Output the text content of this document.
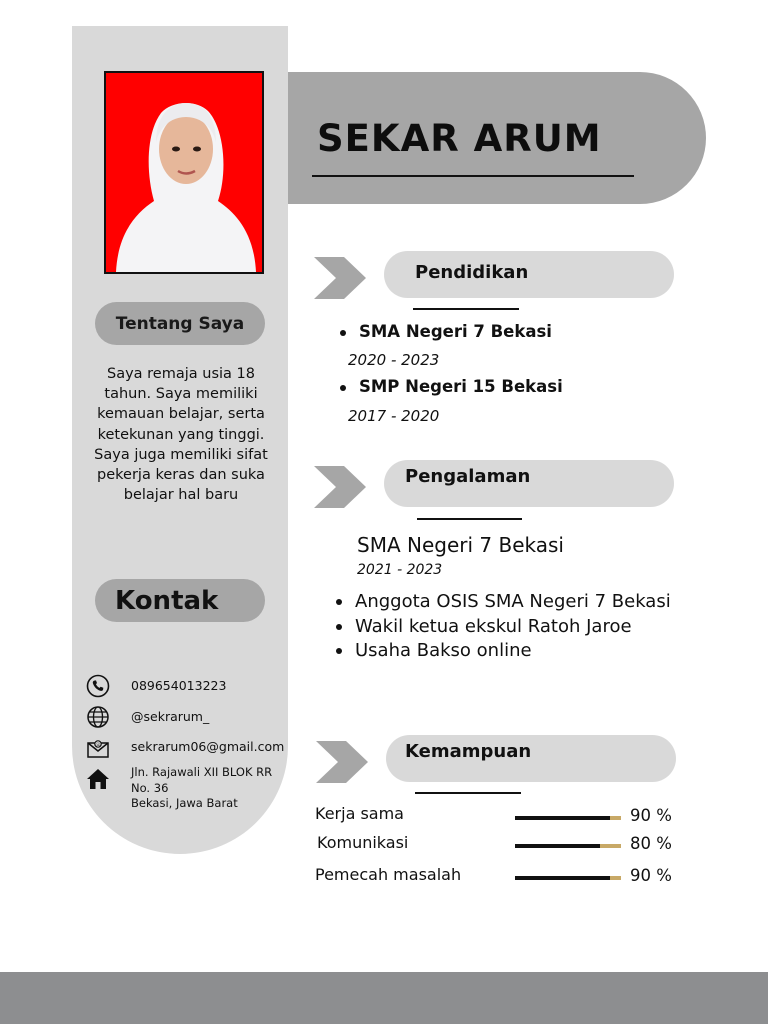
Tentang Saya
Saya remaja usia 18
tahun. Saya memiliki
kemauan belajar, serta
ketekunan yang tinggi.
Saya juga memiliki sifat
pekerja keras dan suka
belajar hal baru
Kontak
089654013223
@sekrarum_
@ sekrarum06@gmail.com
Jln. Rajawali XII BLOK RR
No. 36
Bekasi, Jawa Barat
SEKAR ARUM
Pendidikan
SMA Negeri 7 Bekasi
2020 - 2023
SMP Negeri 15 Bekasi
2017 - 2020
Pengalaman
SMA Negeri 7 Bekasi
2021 - 2023
Anggota OSIS SMA Negeri 7 Bekasi
Wakil ketua ekskul Ratoh Jaroe
Usaha Bakso online
Kemampuan
Kerja sama	90 %
Komunikasi	80 %
Pemecah masalah	90 %
